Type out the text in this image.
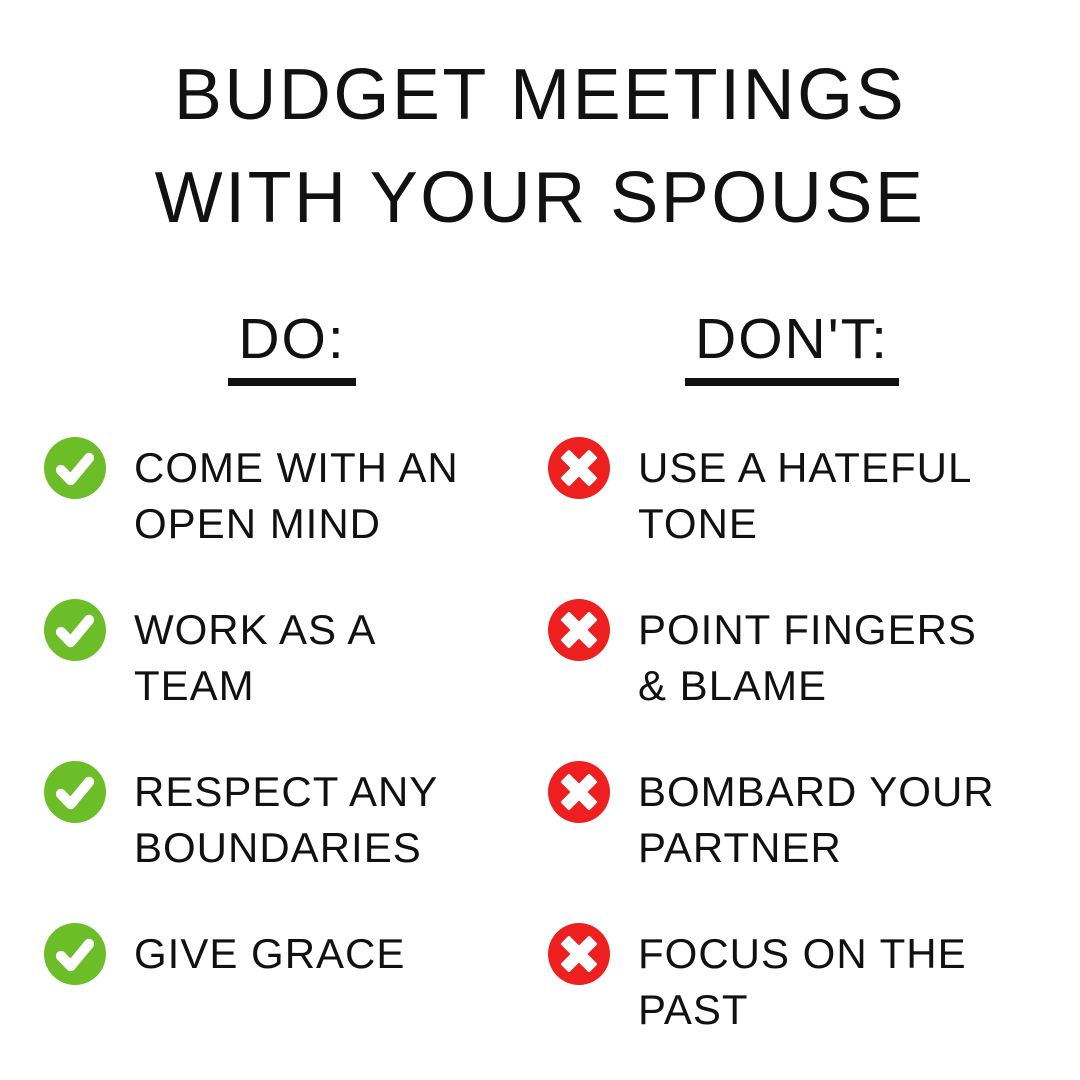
BUDGET MEETINGS
WITH YOUR SPOUSE
DO:	DON'T:
COME WITH AN
OPEN MIND
USE A HATEFUL
TONE
WORK AS A
TEAM
POINT FINGERS
& BLAME
RESPECT ANY
BOUNDARIES
BOMBARD YOUR
PARTNER
GIVE GRACE	FOCUS ON THE
PAST
